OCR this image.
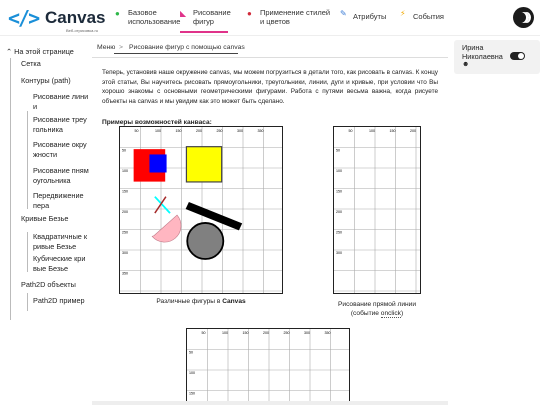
</> Canvas
Веб-отрисовка.ru
● Базовое
использование
◣ Рисование
фигур
● Применение стилей
и цветов
✎ Атрибуты ⚡ События
⌃ На этой странице
Сетка
Контуры (path)
Рисование лини
и
Рисование треу
гольника
Рисование окру
жности
Рисование пням
оугольника
Передвижение
пера
Кривые Безье
Квадратичные к
ривые Безье
Кубические кри
вые Безье
Path2D объекты
Path2D пример
Меню > Рисование фигур с помощью canvas
Теперь, установив наше окружение canvas, мы можем погрузиться в детали того, как рисовать в canvas. К концу этой статьи, Вы научитесь рисовать прямоугольники, треугольники, линии, дуги и кривые, при условии что Вы хорошо знакомы с основными геометрическими фигурами. Работа с путями весьма важна, когда рисуете объекты на canvas и мы увидим как это может быть сделано.
Примеры возможностей канваса:
50	100	150	200	250	300	350
50
100
150
200
250
300
350
Различные фигуры в Canvas
50	100	150	200
50
100
150
200
250
300
Рисование прямой линии
(событие onclick)
50	100	150	200	250	300	350
50
100
150
Ирина
Николаевна
☻
